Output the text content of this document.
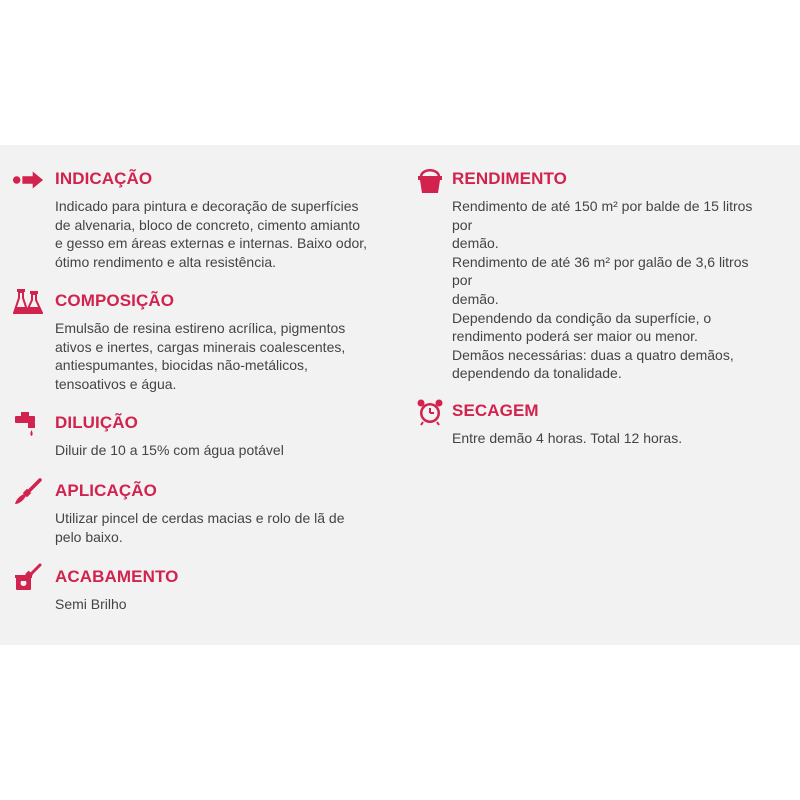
INDICAÇÃO
Indicado para pintura e decoração de superfícies
de alvenaria, bloco de concreto, cimento amianto
e gesso em áreas externas e internas. Baixo odor,
ótimo rendimento e alta resistência.
COMPOSIÇÃO
Emulsão de resina estireno acrílica, pigmentos
ativos e inertes, cargas minerais coalescentes,
antiespumantes, biocidas não-metálicos,
tensoativos e água.
DILUIÇÃO
Diluir de 10 a 15% com água potável
APLICAÇÃO
Utilizar pincel de cerdas macias e rolo de lã de
pelo baixo.
ACABAMENTO
Semi Brilho
RENDIMENTO
Rendimento de até 150 m² por balde de 15 litros
por
demão.
Rendimento de até 36 m² por galão de 3,6 litros
por
demão.
Dependendo da condição da superfície, o
rendimento poderá ser maior ou menor.
Demãos necessárias: duas a quatro demãos,
dependendo da tonalidade.
SECAGEM
Entre demão 4 horas. Total 12 horas.
